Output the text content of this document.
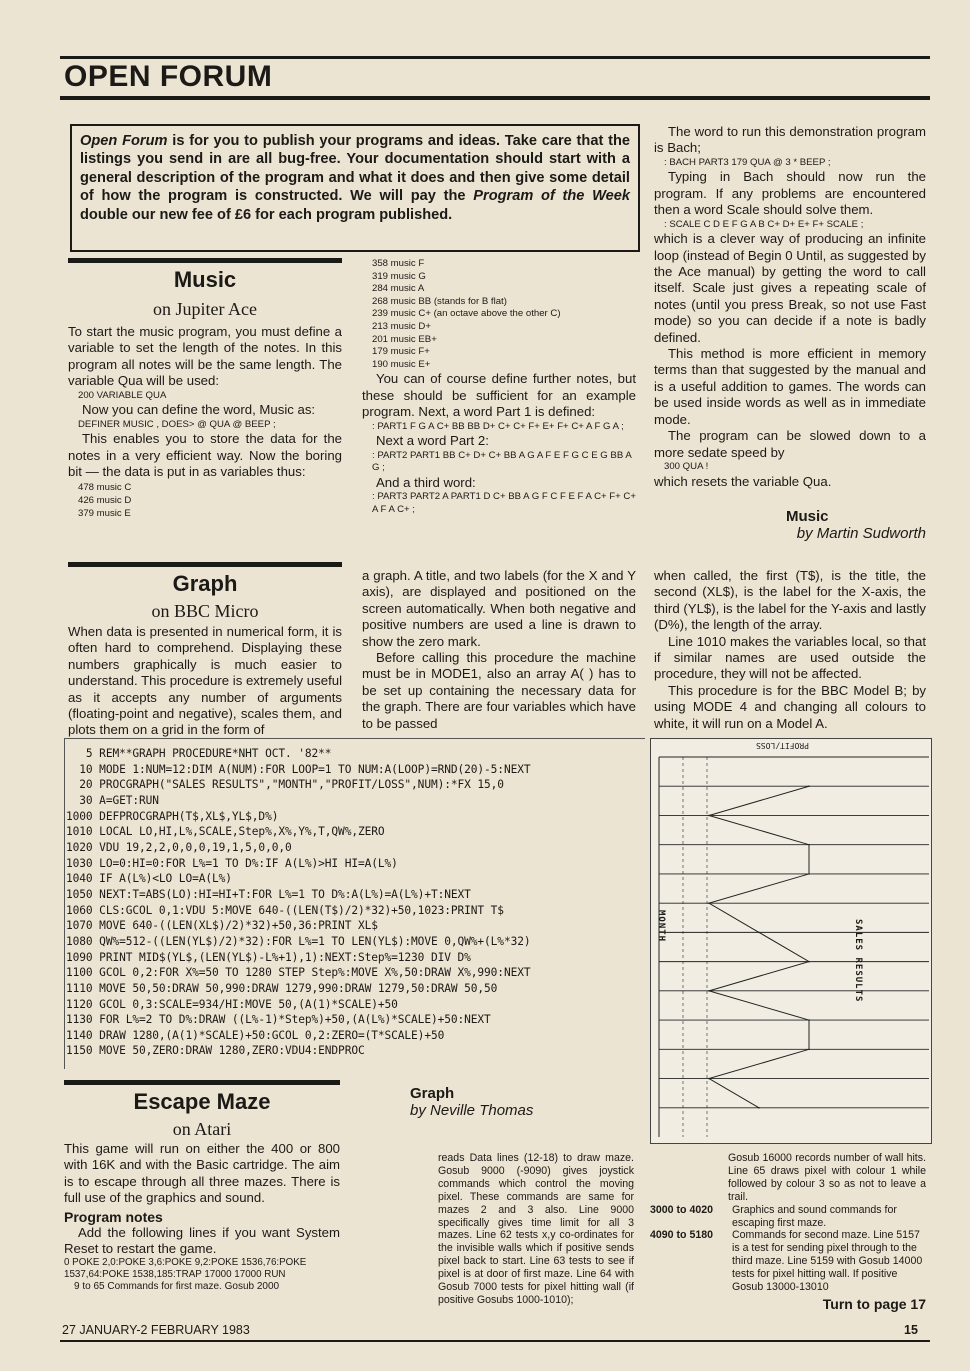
OPEN FORUM
Open Forum is for you to publish your programs and ideas. Take care that the listings you send in are all bug-free. Your documentation should start with a general description of the program and what it does and then give some detail of how the program is constructed. We will pay the Program of the Week double our new fee of £6 for each program published.
Music
on Jupiter Ace

To start the music program, you must define a variable to set the length of the notes. In this program all notes will be the same length. The variable Qua will be used:

200 VARIABLE QUA

Now you can define the word, Music as:

DEFINER MUSIC , DOES> @ QUA @ BEEP ;

This enables you to store the data for the notes in a very efficient way. Now the boring bit — the data is put in as variables thus:

478 music C

426 music D

379 music E

358 music F

319 music G

284 music A

268 music BB (stands for B flat)

239 music C+ (an octave above the other C)

213 music D+

201 music EB+

179 music F+

190 music E+

You can of course define further notes, but these should be sufficient for an example program. Next, a word Part 1 is defined:

: PART1 F G A C+ BB BB D+ C+ C+ F+ E+ F+ C+ A F G A ;

Next a word Part 2:

: PART2 PART1 BB C+ D+ C+ BB A G A F E F G C E G BB A G ;

And a third word:

: PART3 PART2 A PART1 D C+ BB A G F C F E F A C+ F+ C+ A F A C+ ;

The word to run this demonstration program is Bach;

: BACH PART3 179 QUA @ 3 * BEEP ;

Typing in Bach should now run the program. If any problems are encountered then a word Scale should solve them.

: SCALE C D E F G A B C+ D+ E+ F+ SCALE ;

which is a clever way of producing an infinite loop (instead of Begin 0 Until, as suggested by the Ace manual) by getting the word to call itself. Scale just gives a repeating scale of notes (until you press Break, so not use Fast mode) so you can decide if a note is badly defined.

This method is more efficient in memory terms than that suggested by the manual and is a useful addition to games. The words can be used inside words as well as in immediate mode.

The program can be slowed down to a more sedate speed by

300 QUA !

which resets the variable Qua.

Music
by Martin Sudworth
Graph
on BBC Micro

When data is presented in numerical form, it is often hard to comprehend. Displaying these numbers graphically is much easier to understand. This procedure is extremely useful as it accepts any number of arguments (floating-point and negative), scales them, and plots them on a grid in the form of

a graph. A title, and two labels (for the X and Y axis), are displayed and positioned on the screen automatically. When both negative and positive numbers are used a line is drawn to show the zero mark.

Before calling this procedure the machine must be in MODE1, also an array A( ) has to be set up containing the necessary data for the graph. There are four variables which have to be passed

when called, the first (T$), is the title, the second (XL$), is the label for the X-axis, the third (YL$), is the label for the Y-axis and lastly (D%), the length of the array.

Line 1010 makes the variables local, so that if similar names are used outside the procedure, they will not be affected.

This procedure is for the BBC Model B; by using MODE 4 and changing all colours to white, it will run on a Model A.

5 REM**GRAPH PROCEDURE*NHT OCT. '82**
10 MODE 1:NUM=12:DIM A(NUM):FOR LOOP=1 TO NUM:A(LOOP)=RND(20)-5:NEXT
20 PROCGRAPH("SALES RESULTS","MONTH","PROFIT/LOSS",NUM):*FX 15,0
30 A=GET:RUN
1000 DEFPROCGRAPH(T$,XL$,YL$,D%)
1010 LOCAL LO,HI,L%,SCALE,Step%,X%,Y%,T,QW%,ZERO
1020 VDU 19,2,2,0,0,0,19,1,5,0,0,0
1030 LO=0:HI=0:FOR L%=1 TO D%:IF A(L%)>HI HI=A(L%)
1040 IF A(L%)<LO LO=A(L%)
1050 NEXT:T=ABS(LO):HI=HI+T:FOR L%=1 TO D%:A(L%)=A(L%)+T:NEXT
1060 CLS:GCOL 0,1:VDU 5:MOVE 640-((LEN(T$)/2)*32)+50,1023:PRINT T$
1070 MOVE 640-((LEN(XL$)/2)*32)+50,36:PRINT XL$
1080 QW%=512-((LEN(YL$)/2)*32):FOR L%=1 TO LEN(YL$):MOVE 0,QW%+(L%*32)
1090 PRINT MID$(YL$,(LEN(YL$)-L%+1),1):NEXT:Step%=1230 DIV D%
1100 GCOL 0,2:FOR X%=50 TO 1280 STEP Step%:MOVE X%,50:DRAW X%,990:NEXT
1110 MOVE 50,50:DRAW 50,990:DRAW 1279,990:DRAW 1279,50:DRAW 50,50
1120 GCOL 0,3:SCALE=934/HI:MOVE 50,(A(1)*SCALE)+50
1130 FOR L%=2 TO D%:DRAW ((L%-1)*Step%)+50,(A(L%)*SCALE)+50:NEXT
1140 DRAW 1280,(A(1)*SCALE)+50:GCOL 0,2:ZERO=(T*SCALE)+50
1150 MOVE 50,ZERO:DRAW 1280,ZERO:VDU4:ENDPROC
PROFIT/LOSS
MONTH	SALES RESULTS
Graph
by Neville Thomas
Escape Maze
on Atari

This game will run on either the 400 or 800 with 16K and with the Basic cartridge. The aim is to escape through all three mazes. There is full use of the graphics and sound.

Program notes

Add the following lines if you want System Reset to restart the game.

0 POKE 2,0:POKE 3,6:POKE 9,2:POKE 1536,76:POKE 1537,64:POKE 1538,185:TRAP 17000 17000 RUN

9 to 65 Commands for first maze. Gosub 2000

reads Data lines (12-18) to draw maze. Gosub 9000 (-9090) gives joystick commands which control the moving pixel. These commands are same for mazes 2 and 3 also. Line 9000 specifically gives time limit for all 3 mazes. Line 62 tests x,y co-ordinates for the invisible walls which if positive sends pixel back to start. Line 63 tests to see if pixel is at door of first maze. Line 64 with Gosub 7000 tests for pixel hitting wall (if positive Gosubs 1000-1010);

Gosub 16000 records number of wall hits. Line 65 draws pixel with colour 1 while followed by colour 3 so as not to leave a trail.

3000 to 4020	Graphics and sound commands for escaping first maze.
4090 to 5180	Commands for second maze. Line 5157 is a test for sending pixel through to the third maze. Line 5159 with Gosub 14000 tests for pixel hitting wall. If positive Gosub 13000-13010
Turn to page 17
27 JANUARY-2 FEBRUARY 1983	15
